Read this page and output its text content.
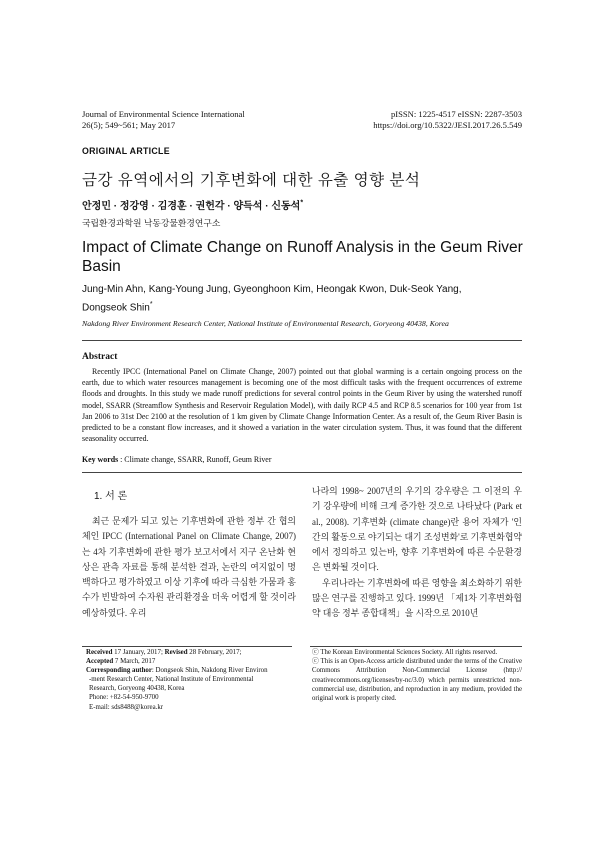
Journal of Environmental Science International
26(5); 549~561; May 2017
pISSN: 1225-4517 eISSN: 2287-3503
https://doi.org/10.5322/JESI.2017.26.5.549
ORIGINAL ARTICLE
금강 유역에서의 기후변화에 대한 유출 영향 분석
안정민 · 정강영 · 김경훈 · 권헌각 · 양득석 · 신동석*
국립환경과학원 낙동강물환경연구소
Impact of Climate Change on Runoff Analysis in the Geum River
Basin
Jung-Min Ahn, Kang-Young Jung, Gyeonghoon Kim, Heongak Kwon, Duk-Seok Yang,
Dongseok Shin*
Nakdong River Environment Research Center, National Institute of Environmental Research, Goryeong 40438, Korea
Abstract
Recently IPCC (International Panel on Climate Change, 2007) pointed out that global warming is a certain ongoing process on the earth, due to which water resources management is becoming one of the most difficult tasks with the frequent occurrences of extreme floods and droughts. In this study we made runoff predictions for several control points in the Geum River by using the watershed runoff model, SSARR (Streamflow Synthesis and Reservoir Regulation Model), with daily RCP 4.5 and RCP 8.5 scenarios for 100 year from 1st Jan 2006 to 31st Dec 2100 at the resolution of 1 km given by Climate Change Information Center. As a result of, the Geum River Basin is predicted to be a constant flow increases, and it showed a variation in the water circulation system. Thus, it was found that the different seasonality occurred.
Key words : Climate change, SSARR, Runoff, Geum River
1. 서 론

최근 문제가 되고 있는 기후변화에 관한 정부 간 협의체인 IPCC (International Panel on Climate Change, 2007)는 4차 기후변화에 관한 평가 보고서에서 지구 온난화 현상은 관측 자료를 통해 분석한 결과, 논란의 여지없이 명백하다고 평가하였고 이상 기후에 따라 극심한 가뭄과 홍수가 빈발하여 수자원 관리환경을 더욱 어렵게 할 것이라 예상하였다. 우리

나라의 1998~ 2007년의 우기의 강우량은 그 이전의 우기 강우량에 비해 크게 증가한 것으로 나타났다 (Park et al., 2008). 기후변화 (climate change)란 용어 자체가 '인간의 활동으로 야기되는 대기 조성변화'로 기후변화협약에서 정의하고 있는바, 향후 기후변화에 따른 수문환경은 변화될 것이다.

우리나라는 기후변화에 따른 영향을 최소화하기 위한 많은 연구를 진행하고 있다. 1999년 「제1차 기후변화협약 대응 정부 종합대책」을 시작으로 2010년

Received 17 January, 2017; Revised 28 February, 2017;
Accepted 7 March, 2017
Corresponding author: Dongseok Shin, Nakdong River Environ
-ment Research Center, National Institute of Environmental
Research, Goryeong 40438, Korea
Phone: +82-54-950-9700
E-mail: sds8488@korea.kr
ⓒ The Korean Environmental Sciences Society. All rights reserved.
ⓒ This is an Open-Access article distributed under the terms of the Creative Commons Attribution Non-Commercial License (http:// creativecommons.org/licenses/by-nc/3.0) which permits unrestricted non-commercial use, distribution, and reproduction in any medium, provided the original work is properly cited.
